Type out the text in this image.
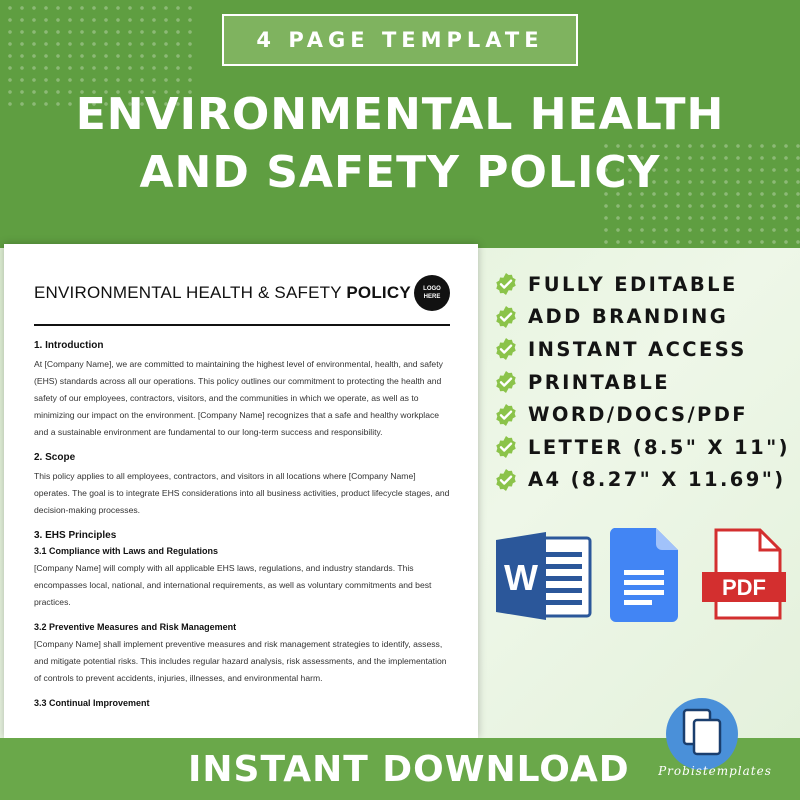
4 PAGE TEMPLATE
ENVIRONMENTAL HEALTH
AND SAFETY POLICY
ENVIRONMENTAL HEALTH & SAFETY POLICY LOGO
HERE
1. Introduction

At [Company Name], we are committed to maintaining the highest level of environmental, health, and safety (EHS) standards across all our operations. This policy outlines our commitment to protecting the health and safety of our employees, contractors, visitors, and the communities in which we operate, as well as to minimizing our impact on the environment. [Company Name] recognizes that a safe and healthy workplace and a sustainable environment are fundamental to our long-term success and responsibility.

2. Scope

This policy applies to all employees, contractors, and visitors in all locations where [Company Name] operates. The goal is to integrate EHS considerations into all business activities, product lifecycle stages, and decision-making processes.

3. EHS Principles
3.1 Compliance with Laws and Regulations

[Company Name] will comply with all applicable EHS laws, regulations, and industry standards. This encompasses local, national, and international requirements, as well as voluntary commitments and best practices.

3.2 Preventive Measures and Risk Management

[Company Name] shall implement preventive measures and risk management strategies to identify, assess, and mitigate potential risks. This includes regular hazard analysis, risk assessments, and the implementation of controls to prevent accidents, injuries, illnesses, and environmental harm.

3.3 Continual Improvement
FULLY EDITABLE
ADD BRANDING
INSTANT ACCESS
PRINTABLE
WORD/DOCS/PDF
LETTER (8.5" X 11")
A4 (8.27" X 11.69")
W	PDF
INSTANT DOWNLOAD	Probistemplates
